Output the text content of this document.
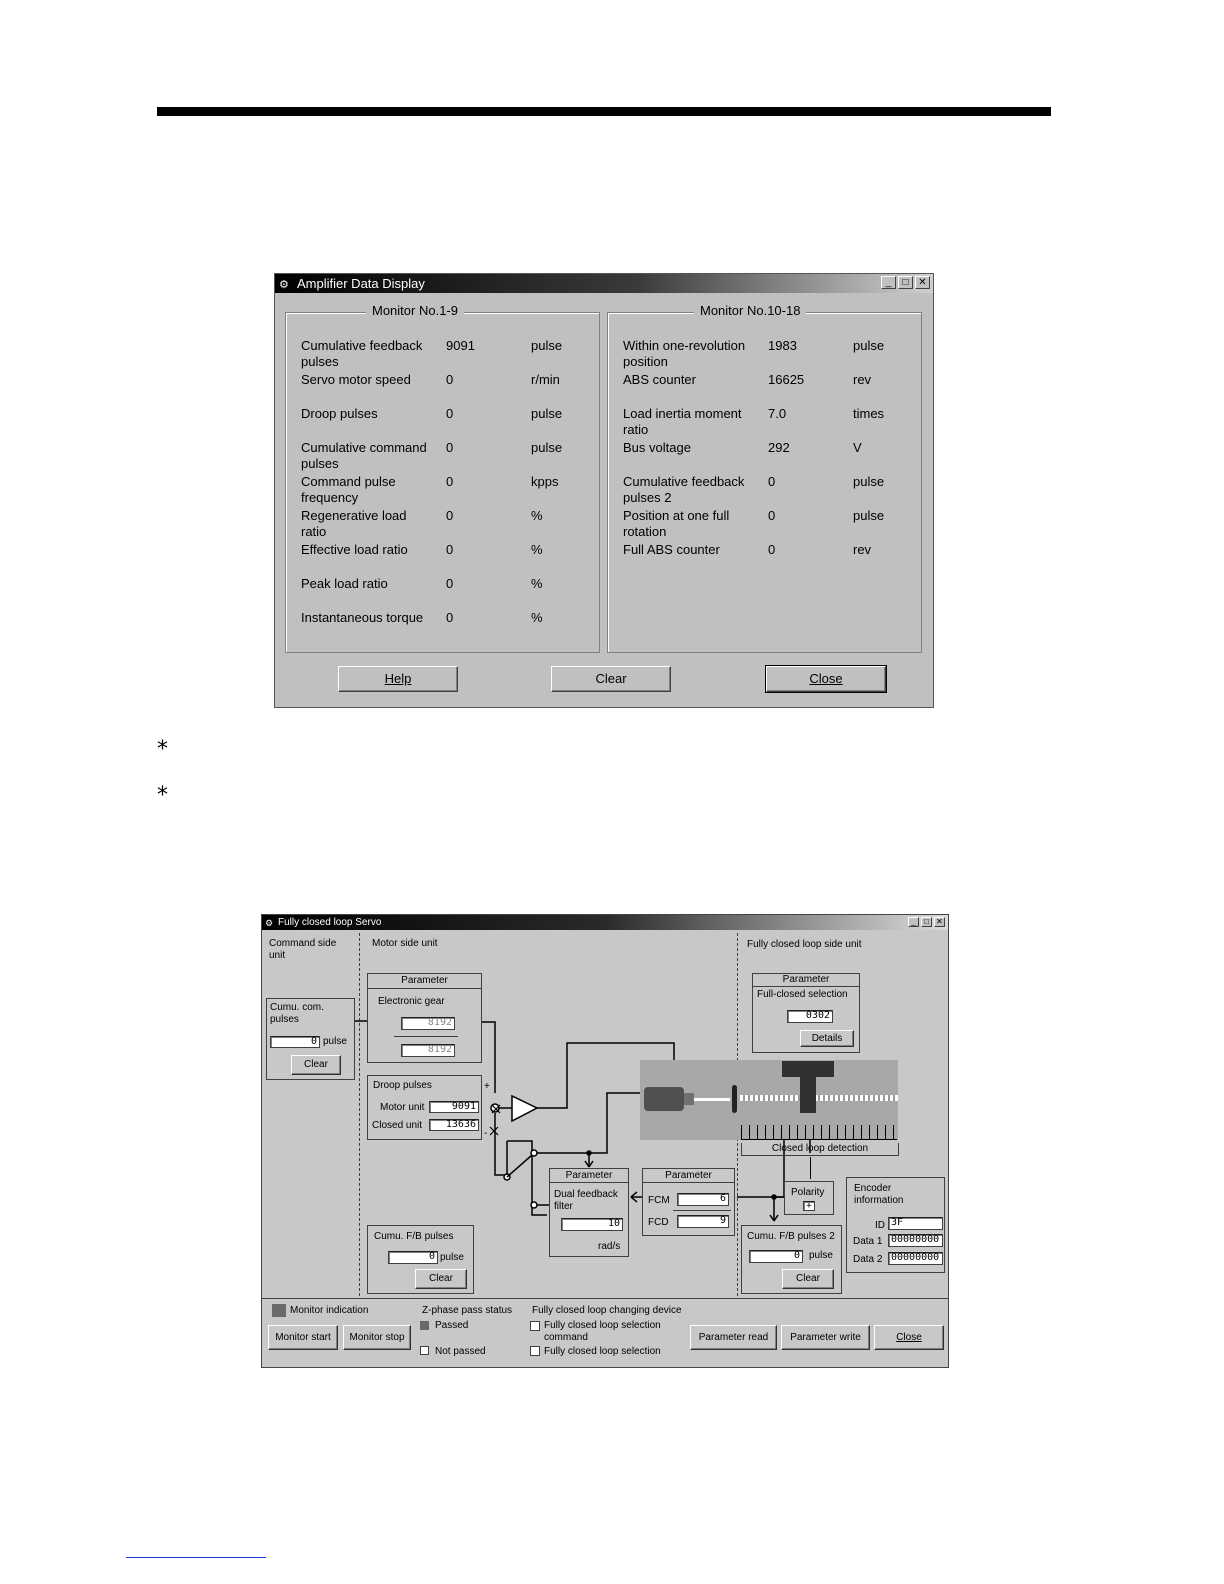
*
*
⚙ Amplifier Data Display	_	□ ✕
Monitor No.1-9
Cumulative feedback
pulses
9091	pulse
Servo motor speed	0	r/min
Droop pulses	0	pulse
Cumulative command
pulses
0	pulse
Command pulse
frequency
0	kpps
Regenerative load
ratio
0	%
Effective load ratio	0	%
Peak load ratio	0	%
Instantaneous torque 0	%
Monitor No.10-18
Within one-revolution
position
1983	pulse
ABS counter	16625	rev
Load inertia moment
ratio
7.0	times
Bus voltage	292	V
Cumulative feedback
pulses 2
0	pulse
Position at one full
rotation
0	pulse
Full ABS counter	0	rev
Help	Clear	Close
⚙ Fully closed loop Servo	_	□ ✕
Command side
unit
Motor side unit	Fully closed loop side unit
Cumu. com.
pulses
0 pulse
Clear
Parameter
Electronic gear
8192
8192
Droop pulses
Motor unit	9091
Closed unit	13636
+
-
Closed loop detection
Parameter
Full-closed selection
0302
Details
Parameter
Dual feedback
filter
10
rad/s
Parameter
FCM	6
FCD	9
Polarity
+
Encoder
information
ID 3F
Data 1 00000000
Data 2 00000000
Cumu. F/B pulses
0 pulse
Clear
Cumu. F/B pulses 2
0 pulse
Clear
Monitor indication
Monitor start	Monitor stop
Z-phase pass status
Passed
Not passed
Fully closed loop changing device
Fully closed loop selection
command
Fully closed loop selection
Parameter read	Parameter write	Close
